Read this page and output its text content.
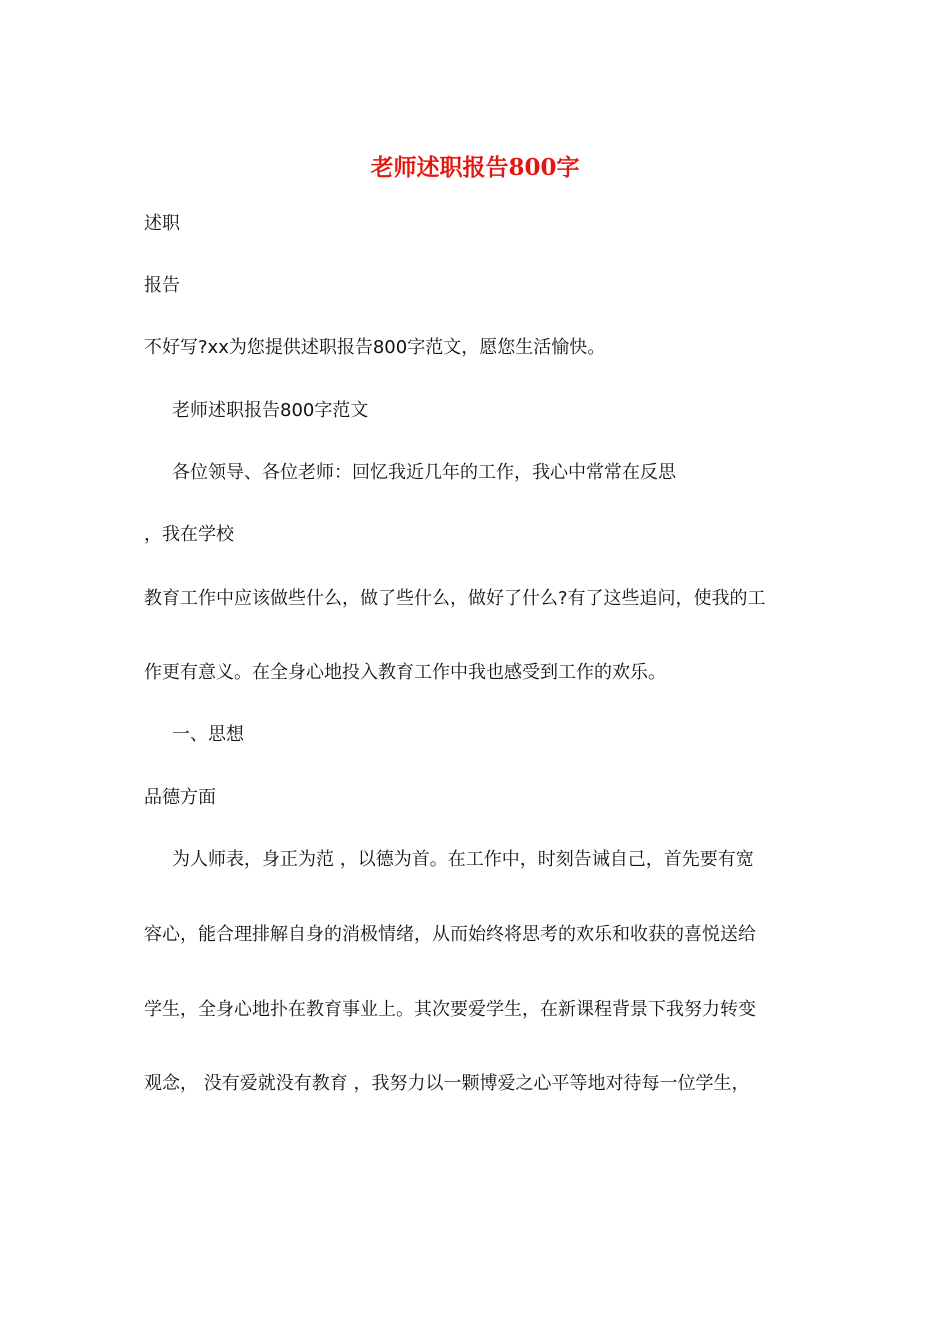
老师述职报告800字
述职
报告
不好写?xx为您提供述职报告800字范文，愿您生活愉快。
老师述职报告800字范文
各位领导、各位老师：回忆我近几年的工作，我心中常常在反思
，我在学校
教育工作中应该做些什么，做了些什么，做好了什么?有了这些追问，使我的工
作更有意义。在全身心地投入教育工作中我也感受到工作的欢乐。
一、思想
品德方面
为人师表，身正为范 ，以德为首。在工作中，时刻告诫自己，首先要有宽
容心，能合理排解自身的消极情绪，从而始终将思考的欢乐和收获的喜悦送给
学生，全身心地扑在教育事业上。其次要爱学生，在新课程背景下我努力转变
观念， 没有爱就没有教育 ，我努力以一颗博爱之心平等地对待每一位学生，
